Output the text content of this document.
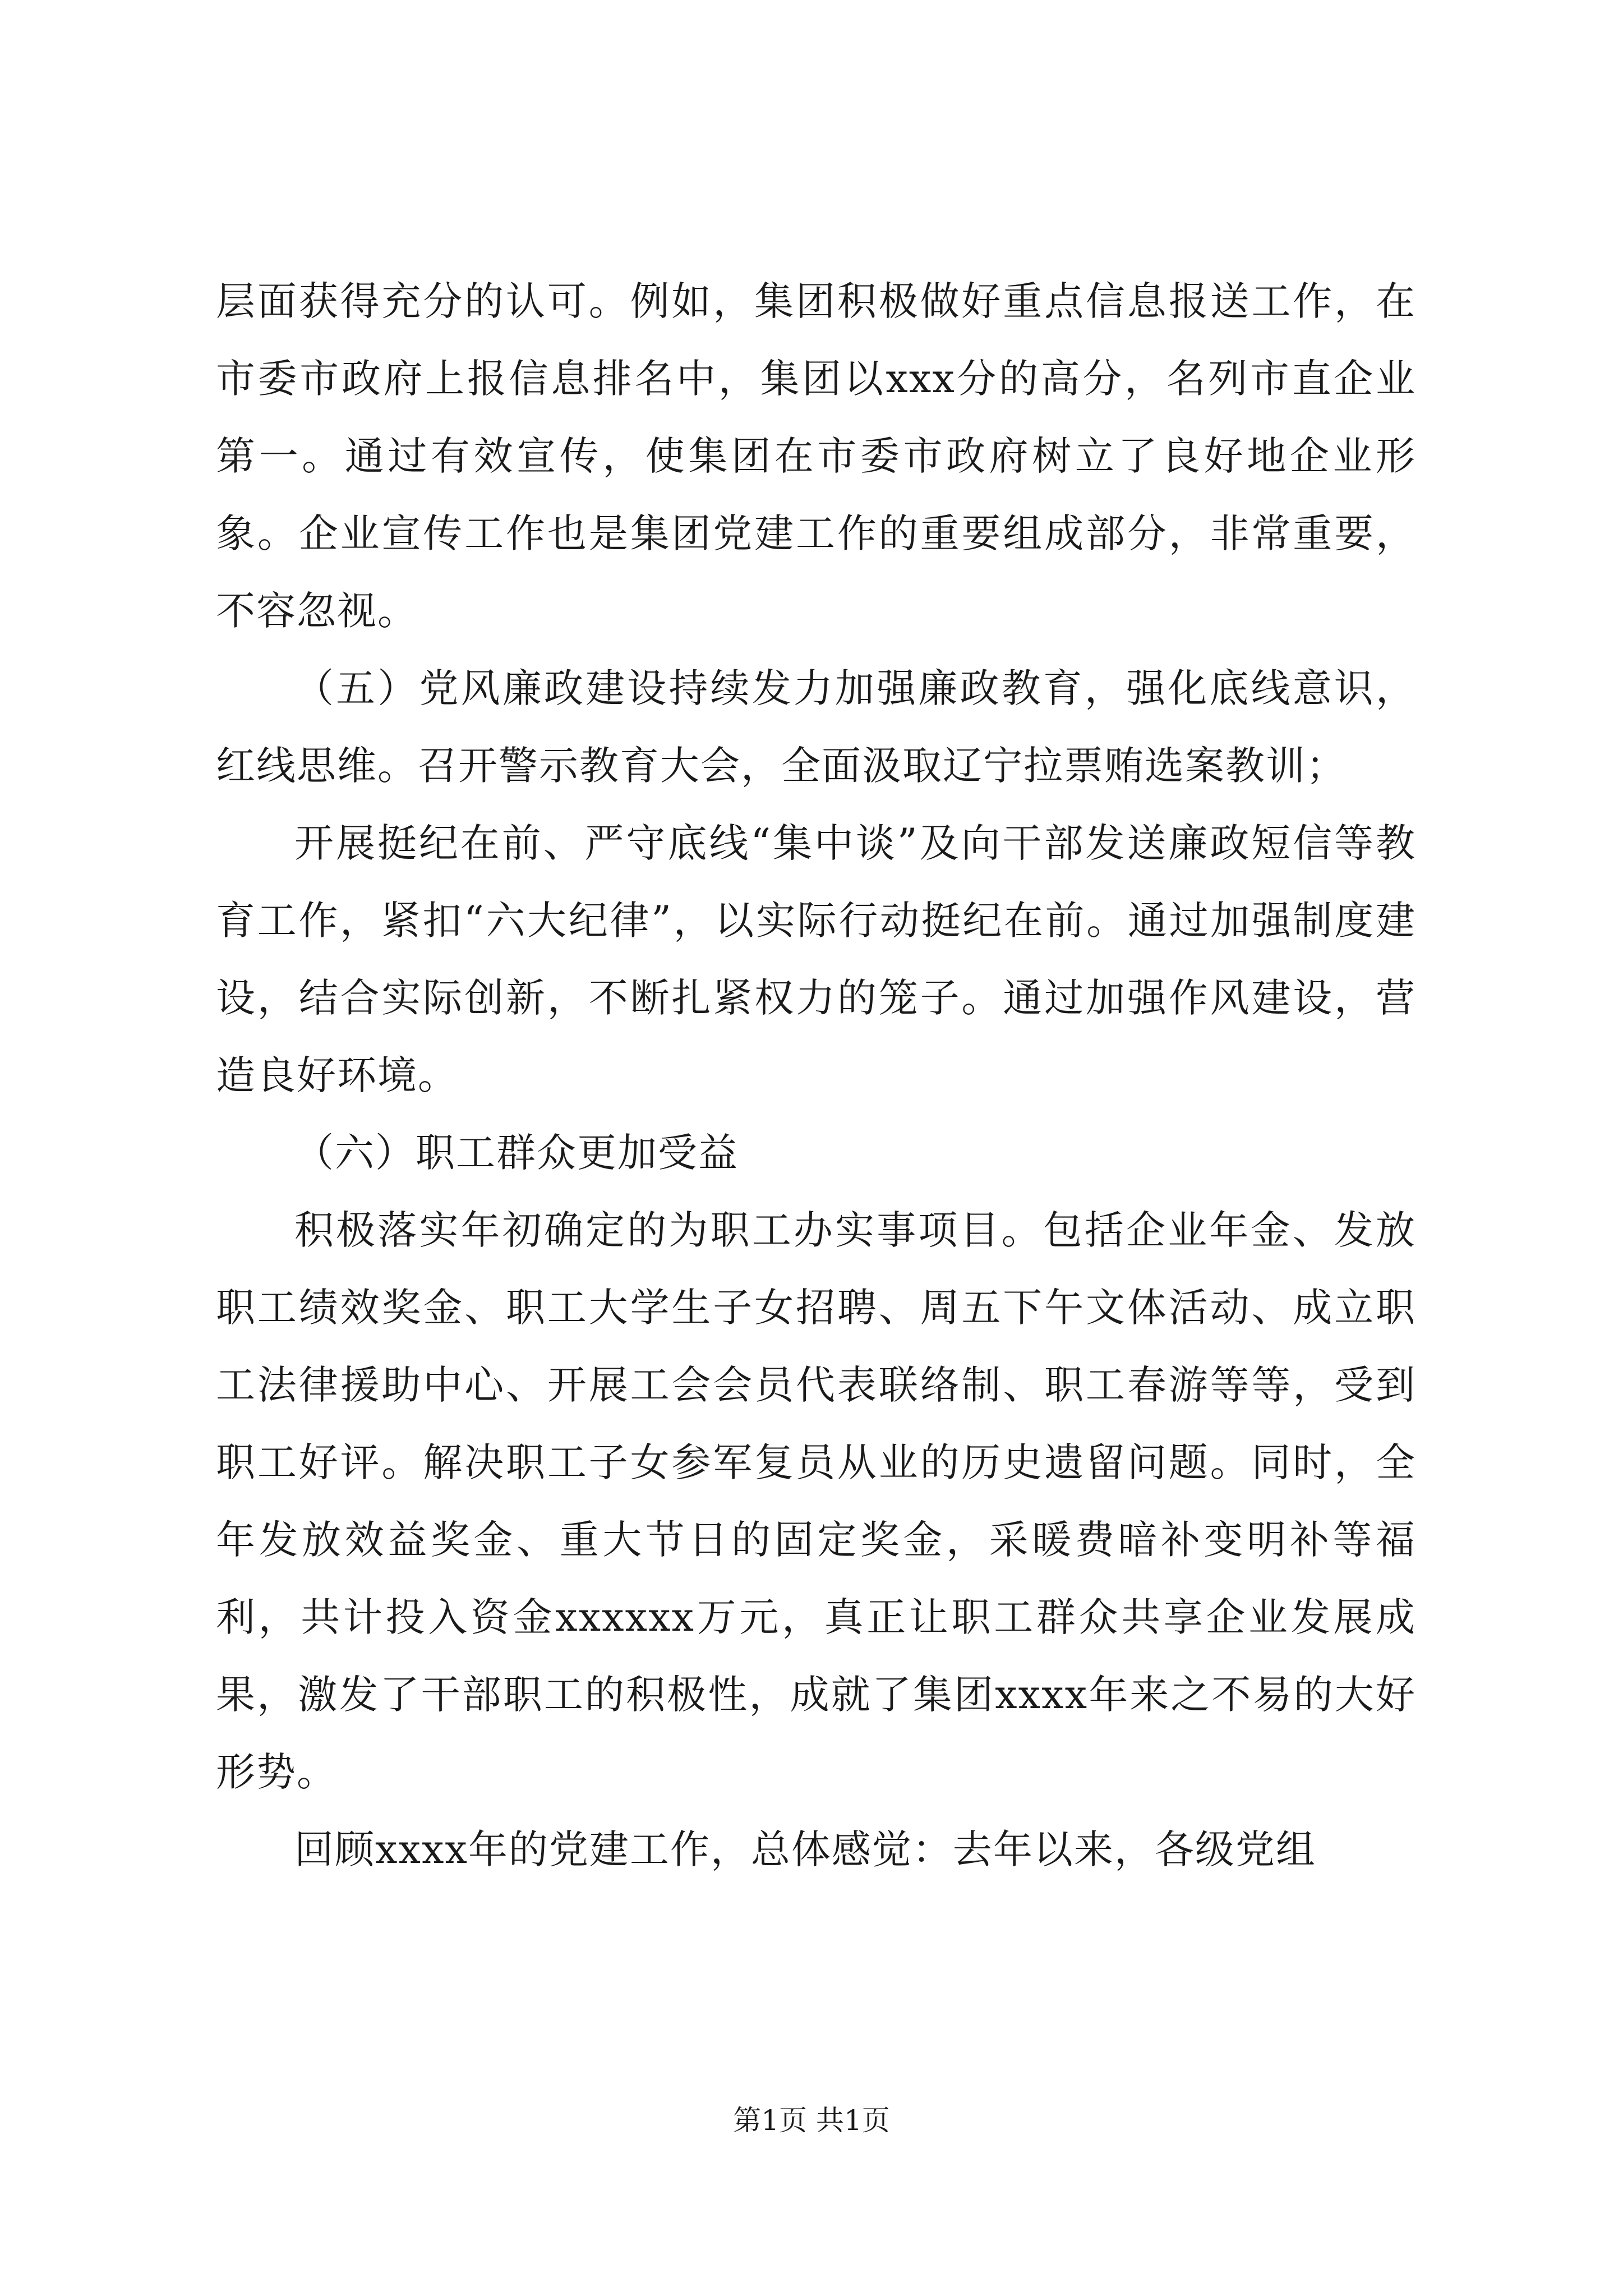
层面获得充分的认可。例如，集团积极做好重点信息报送工作，在市委市政府上报信息排名中，集团以xxx分的高分，名列市直企业第一。通过有效宣传，使集团在市委市政府树立了良好地企业形象。企业宣传工作也是集团党建工作的重要组成部分，非常重要，不容忽视。

（五）党风廉政建设持续发力加强廉政教育，强化底线意识，红线思维。召开警示教育大会，全面汲取辽宁拉票贿选案教训；

开展挺纪在前、严守底线“集中谈”及向干部发送廉政短信等教育工作，紧扣“六大纪律”，以实际行动挺纪在前。通过加强制度建设，结合实际创新，不断扎紧权力的笼子。通过加强作风建设，营造良好环境。

（六）职工群众更加受益

积极落实年初确定的为职工办实事项目。包括企业年金、发放职工绩效奖金、职工大学生子女招聘、周五下午文体活动、成立职工法律援助中心、开展工会会员代表联络制、职工春游等等，受到职工好评。解决职工子女参军复员从业的历史遗留问题。同时，全年发放效益奖金、重大节日的固定奖金，采暖费暗补变明补等福利，共计投入资金xxxxxx万元，真正让职工群众共享企业发展成果，激发了干部职工的积极性，成就了集团xxxx年来之不易的大好形势。

回顾xxxx年的党建工作，总体感觉：去年以来，各级党组

第1页 共1页
